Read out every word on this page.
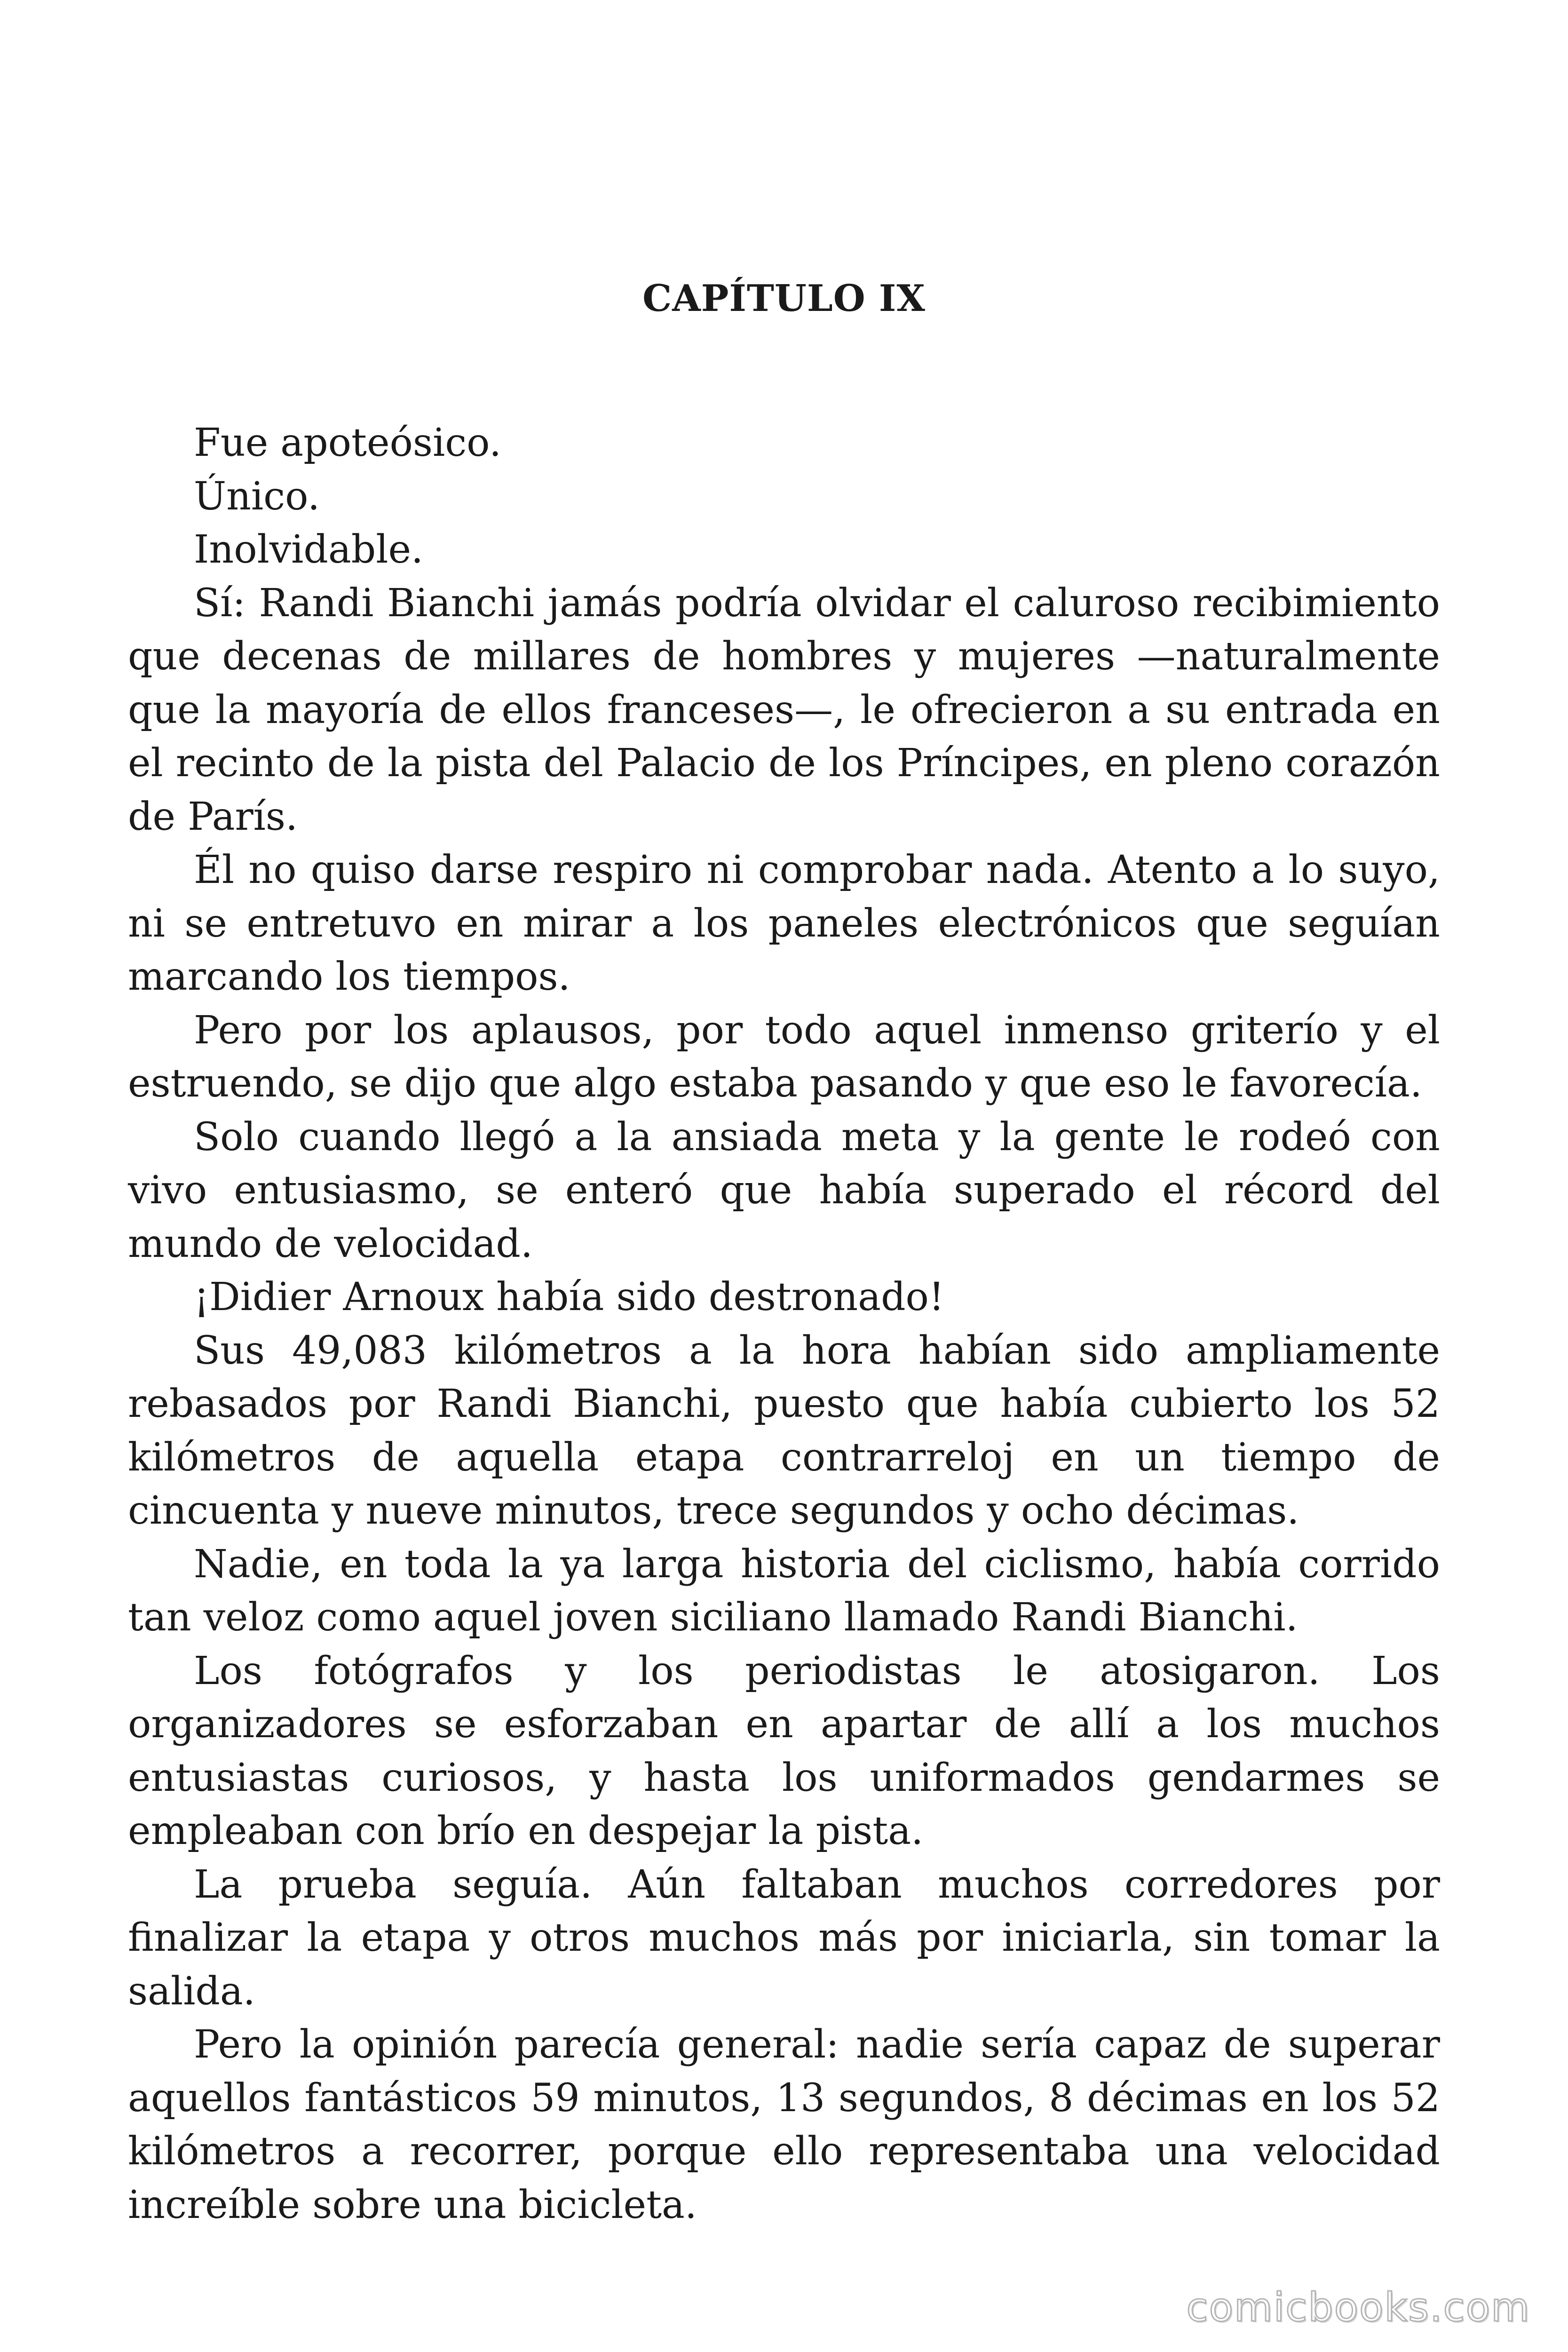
CAPÍTULO IX

Fue apoteósico.

Único.

Inolvidable.

Sí: Randi Bianchi jamás podría olvidar el caluroso recibimiento que decenas de millares de hombres y mujeres —naturalmente que la mayoría de ellos franceses—, le ofrecieron a su entrada en el recinto de la pista del Palacio de los Príncipes, en pleno corazón de París.

Él no quiso darse respiro ni comprobar nada. Atento a lo suyo, ni se entretuvo en mirar a los paneles electrónicos que seguían marcando los tiempos.

Pero por los aplausos, por todo aquel inmenso griterío y el estruendo, se dijo que algo estaba pasando y que eso le favorecía.

Solo cuando llegó a la ansiada meta y la gente le rodeó con vivo entusiasmo, se enteró que había superado el récord del mundo de velocidad.

¡Didier Arnoux había sido destronado!

Sus 49,083 kilómetros a la hora habían sido ampliamente rebasados por Randi Bianchi, puesto que había cubierto los 52 kilómetros de aquella etapa contrarreloj en un tiempo de cincuenta y nueve minutos, trece segundos y ocho décimas.

Nadie, en toda la ya larga historia del ciclismo, había corrido tan veloz como aquel joven siciliano llamado Randi Bianchi.

Los fotógrafos y los periodistas le atosigaron. Los organizadores se esforzaban en apartar de allí a los muchos entusiastas curiosos, y hasta los uniformados gendarmes se empleaban con brío en despejar la pista.

La prueba seguía. Aún faltaban muchos corredores por finalizar la etapa y otros muchos más por iniciarla, sin tomar la salida.

Pero la opinión parecía general: nadie sería capaz de superar aquellos fantásticos 59 minutos, 13 segundos, 8 décimas en los 52 kilómetros a recorrer, porque ello representaba una velocidad increíble sobre una bicicleta.

comicbooks.com
